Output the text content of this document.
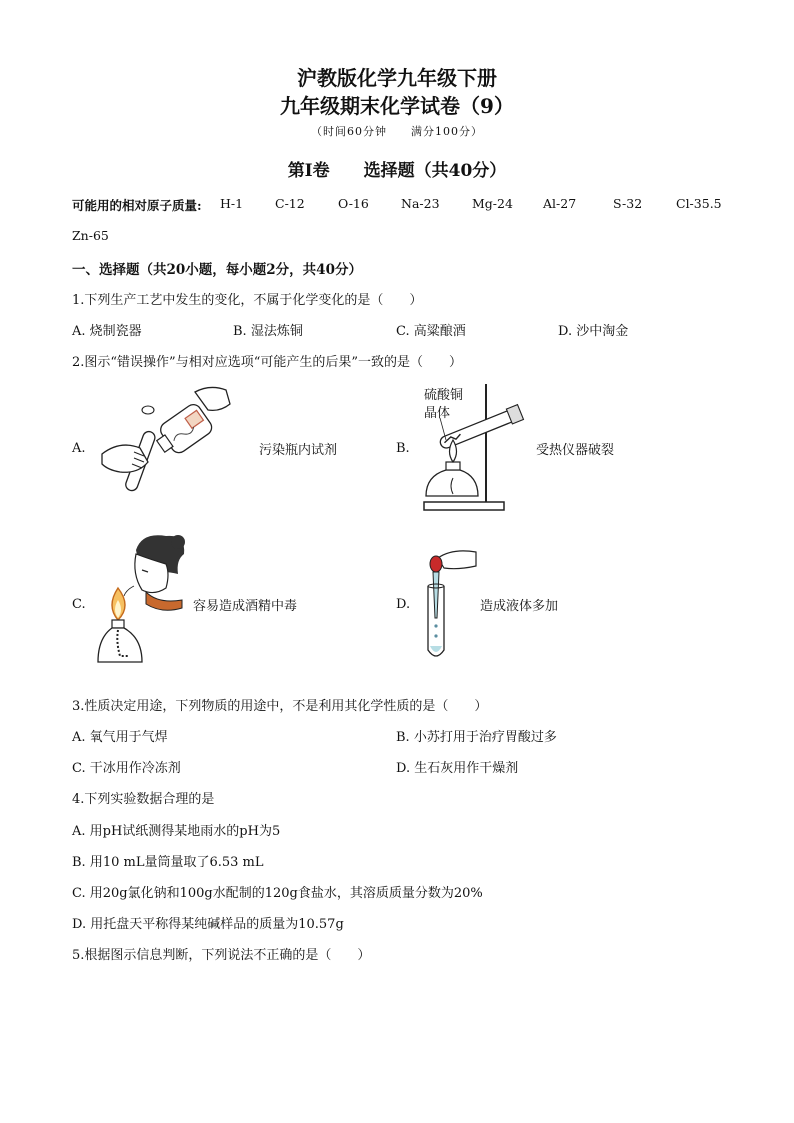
沪教版化学九年级下册
九年级期末化学试卷（9）
（时间60分钟　　满分100分）
第Ⅰ卷　　选择题（共40分）
可能用的相对原子质量: H-1	C-12	O-16	Na-23	Mg-24 Al-27	S-32	Cl-35.5
Zn-65
一、选择题（共20小题，每小题2分，共40分）
1.下列生产工艺中发生的变化，不属于化学变化的是（　　）
A. 烧制瓷器	B. 湿法炼铜	C. 高粱酿酒	D. 沙中淘金
2.图示“错误操作”与相对应选项“可能产生的后果”一致的是（　　）
A.	污染瓶内试剂	B.
硫酸铜
晶体
受热仪器破裂
C.	容易造成酒精中毒	D.	造成液体多加
3.性质决定用途，下列物质的用途中，不是利用其化学性质的是（　　）
A. 氧气用于气焊	B. 小苏打用于治疗胃酸过多
C. 干冰用作冷冻剂	D. 生石灰用作干燥剂
4.下列实验数据合理的是
A. 用pH试纸测得某地雨水的pH为5
B. 用10 mL量筒量取了6.53 mL
C. 用20g氯化钠和100g水配制的120g食盐水，其溶质质量分数为20%
D. 用托盘天平称得某纯碱样品的质量为10.57g
5.根据图示信息判断，下列说法不正确的是（　　）
